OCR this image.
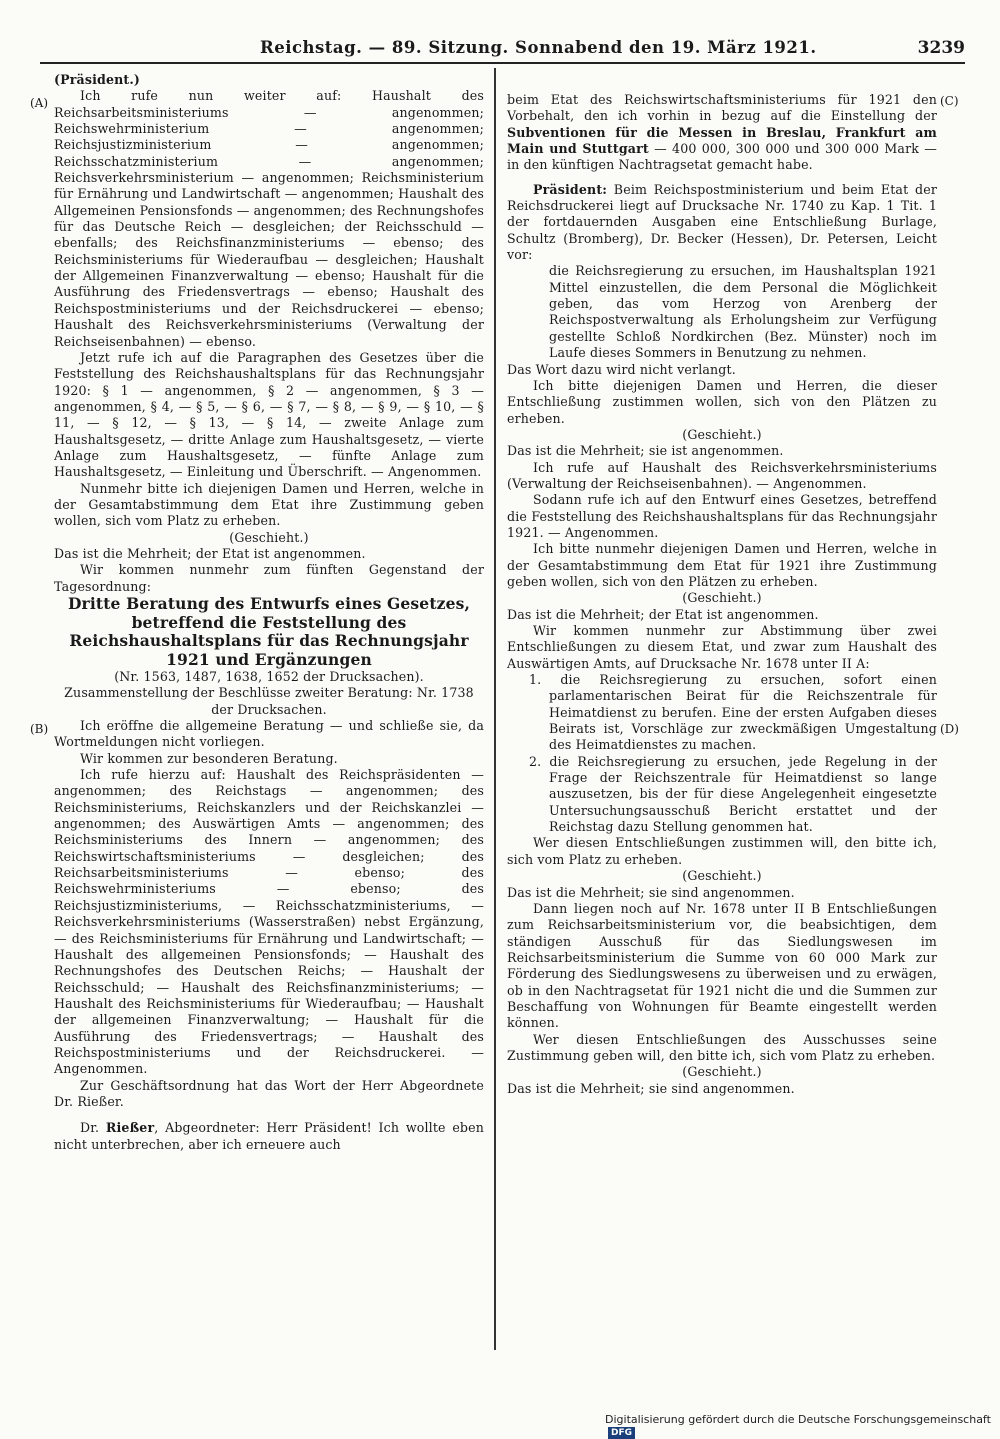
Reichstag. — 89. Sitzung. Sonnabend den 19. März 1921.	3239
(A)
(B)
(C)
(D)

(Präsident.)

Ich rufe nun weiter auf: Haushalt des Reichsarbeitsministeriums — angenommen; Reichswehrministerium — angenommen; Reichsjustizministerium — angenommen; Reichsschatzministerium — angenommen; Reichsverkehrsministerium — angenommen; Reichsministerium für Ernährung und Landwirtschaft — angenommen; Haushalt des Allgemeinen Pensionsfonds — angenommen; des Rechnungshofes für das Deutsche Reich — desgleichen; der Reichsschuld — ebenfalls; des Reichsfinanzministeriums — ebenso; des Reichsministeriums für Wiederaufbau — desgleichen; Haushalt der Allgemeinen Finanzverwaltung — ebenso; Haushalt für die Ausführung des Friedensvertrags — ebenso; Haushalt des Reichspostministeriums und der Reichsdruckerei — ebenso; Haushalt des Reichsverkehrsministeriums (Verwaltung der Reichseisenbahnen) — ebenso.

Jetzt rufe ich auf die Paragraphen des Gesetzes über die Feststellung des Reichshaushaltsplans für das Rechnungsjahr 1920: § 1 — angenommen, § 2 — angenommen, § 3 — angenommen, § 4, — § 5, — § 6, — § 7, — § 8, — § 9, — § 10, — § 11, — § 12, — § 13, — § 14, — zweite Anlage zum Haushaltsgesetz, — dritte Anlage zum Haushaltsgesetz, — vierte Anlage zum Haushaltsgesetz, — fünfte Anlage zum Haushaltsgesetz, — Einleitung und Überschrift. — Angenommen.

Nunmehr bitte ich diejenigen Damen und Herren, welche in der Gesamtabstimmung dem Etat ihre Zustimmung geben wollen, sich vom Platz zu erheben.

(Geschieht.)

Das ist die Mehrheit; der Etat ist angenommen.

Wir kommen nunmehr zum fünften Gegenstand der Tagesordnung:

Dritte Beratung des Entwurfs eines Gesetzes, betreffend die Feststellung des Reichshaushaltsplans für das Rechnungsjahr 1921 und Ergänzungen

(Nr. 1563, 1487, 1638, 1652 der Drucksachen).

Zusammenstellung der Beschlüsse zweiter Beratung: Nr. 1738 der Drucksachen.

Ich eröffne die allgemeine Beratung — und schließe sie, da Wortmeldungen nicht vorliegen.

Wir kommen zur besonderen Beratung.

Ich rufe hierzu auf: Haushalt des Reichspräsidenten — angenommen; des Reichstags — angenommen; des Reichsministeriums, Reichskanzlers und der Reichskanzlei — angenommen; des Auswärtigen Amts — angenommen; des Reichsministeriums des Innern — angenommen; des Reichswirtschaftsministeriums — desgleichen; des Reichsarbeitsministeriums — ebenso; des Reichswehrministeriums — ebenso; des Reichsjustizministeriums, — Reichsschatzministeriums, — Reichsverkehrsministeriums (Wasserstraßen) nebst Ergänzung, — des Reichsministeriums für Ernährung und Landwirtschaft; — Haushalt des allgemeinen Pensionsfonds; — Haushalt des Rechnungshofes des Deutschen Reichs; — Haushalt der Reichsschuld; — Haushalt des Reichsfinanzministeriums; — Haushalt des Reichsministeriums für Wiederaufbau; — Haushalt der allgemeinen Finanzverwaltung; — Haushalt für die Ausführung des Friedensvertrags; — Haushalt des Reichspostministeriums und der Reichsdruckerei. — Angenommen.

Zur Geschäftsordnung hat das Wort der Herr Abgeordnete Dr. Rießer.

Dr. Rießer, Abgeordneter: Herr Präsident! Ich wollte eben nicht unterbrechen, aber ich erneuere auch

beim Etat des Reichswirtschaftsministeriums für 1921 den Vorbehalt, den ich vorhin in bezug auf die Einstellung der Subventionen für die Messen in Breslau, Frankfurt am Main und Stuttgart — 400 000, 300 000 und 300 000 Mark — in den künftigen Nachtragsetat gemacht habe.

Präsident: Beim Reichspostministerium und beim Etat der Reichsdruckerei liegt auf Drucksache Nr. 1740 zu Kap. 1 Tit. 1 der fortdauernden Ausgaben eine Entschließung Burlage, Schultz (Bromberg), Dr. Becker (Hessen), Dr. Petersen, Leicht vor:

die Reichsregierung zu ersuchen, im Haushaltsplan 1921 Mittel einzustellen, die dem Personal die Möglichkeit geben, das vom Herzog von Arenberg der Reichspostverwaltung als Erholungsheim zur Verfügung gestellte Schloß Nordkirchen (Bez. Münster) noch im Laufe dieses Sommers in Benutzung zu nehmen.

Das Wort dazu wird nicht verlangt.

Ich bitte diejenigen Damen und Herren, die dieser Entschließung zustimmen wollen, sich von den Plätzen zu erheben.

(Geschieht.)

Das ist die Mehrheit; sie ist angenommen.

Ich rufe auf Haushalt des Reichsverkehrsministeriums (Verwaltung der Reichseisenbahnen). — Angenommen.

Sodann rufe ich auf den Entwurf eines Gesetzes, betreffend die Feststellung des Reichshaushaltsplans für das Rechnungsjahr 1921. — Angenommen.

Ich bitte nunmehr diejenigen Damen und Herren, welche in der Gesamtabstimmung dem Etat für 1921 ihre Zustimmung geben wollen, sich von den Plätzen zu erheben.

(Geschieht.)

Das ist die Mehrheit; der Etat ist angenommen.

Wir kommen nunmehr zur Abstimmung über zwei Entschließungen zu diesem Etat, und zwar zum Haushalt des Auswärtigen Amts, auf Drucksache Nr. 1678 unter II A:

1. die Reichsregierung zu ersuchen, sofort einen parlamentarischen Beirat für die Reichszentrale für Heimatdienst zu berufen. Eine der ersten Aufgaben dieses Beirats ist, Vorschläge zur zweckmäßigen Umgestaltung des Heimatdienstes zu machen.

2. die Reichsregierung zu ersuchen, jede Regelung in der Frage der Reichszentrale für Heimatdienst so lange auszusetzen, bis der für diese Angelegenheit eingesetzte Untersuchungsausschuß Bericht erstattet und der Reichstag dazu Stellung genommen hat.

Wer diesen Entschließungen zustimmen will, den bitte ich, sich vom Platz zu erheben.

(Geschieht.)

Das ist die Mehrheit; sie sind angenommen.

Dann liegen noch auf Nr. 1678 unter II B Entschließungen zum Reichsarbeitsministerium vor, die beabsichtigen, dem ständigen Ausschuß für das Siedlungswesen im Reichsarbeitsministerium die Summe von 60 000 Mark zur Förderung des Siedlungswesens zu überweisen und zu erwägen, ob in den Nachtragsetat für 1921 nicht die und die Summen zur Beschaffung von Wohnungen für Beamte eingestellt werden können.

Wer diesen Entschließungen des Ausschusses seine Zustimmung geben will, den bitte ich, sich vom Platz zu erheben.

(Geschieht.)

Das ist die Mehrheit; sie sind angenommen.

Digitalisierung gefördert durch die Deutsche Forschungsgemeinschaft DFG
